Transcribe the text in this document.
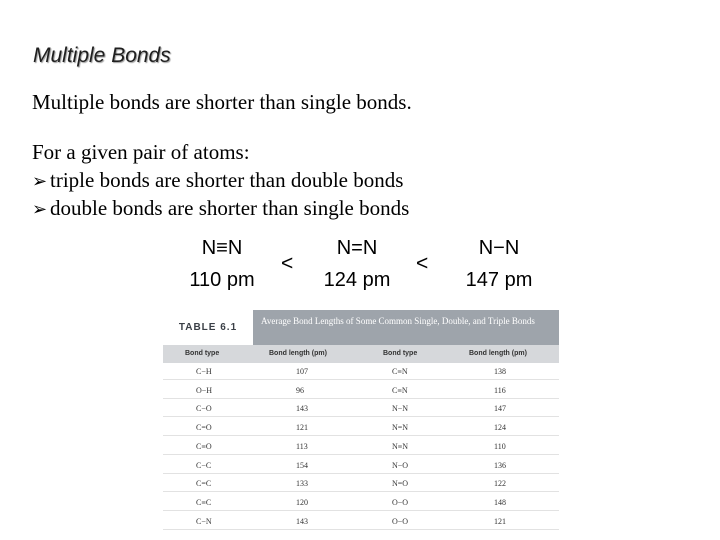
Multiple Bonds
Multiple bonds are shorter than single bonds.
For a given pair of atoms:
➢ triple bonds are shorter than double bonds
➢ double bonds are shorter than single bonds
N≡N
110 pm
<
N=N
124 pm
<
N−N
147 pm
TABLE 6.1
Average Bond Lengths of Some Common Single, Double, and Triple Bonds
Bond type	Bond length (pm)	Bond type	Bond length (pm)
C−H	107	C≡N	138
O−H	96	C≡N	116
C−O	143	N−N	147
C=O	121	N=N	124
C≡O	113	N≡N	110
C−C	154	N−O	136
C=C	133	N=O	122
C≡C	120	O−O	148
C−N	143	O−O	121
